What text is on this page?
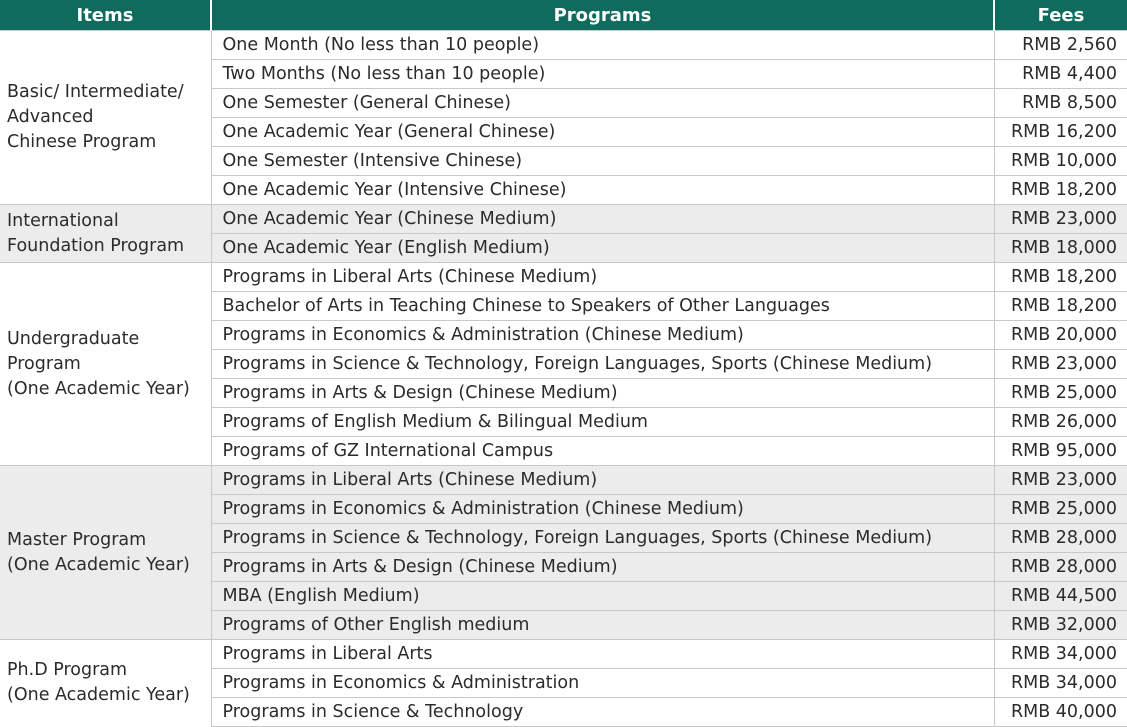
Items	Programs	Fees

Basic/ Intermediate/
Advanced
Chinese Program	One Month (No less than 10 people)	RMB 2,560
	Two Months (No less than 10 people)	RMB 4,400
	One Semester (General Chinese)	RMB 8,500
	One Academic Year (General Chinese)	RMB 16,200
	One Semester (Intensive Chinese)	RMB 10,000
	One Academic Year (Intensive Chinese)	RMB 18,200

International
Foundation Program	One Academic Year (Chinese Medium)	RMB 23,000
	One Academic Year (English Medium)	RMB 18,000

Undergraduate
Program
(One Academic Year)	Programs in Liberal Arts (Chinese Medium)	RMB 18,200
	Bachelor of Arts in Teaching Chinese to Speakers of Other Languages	RMB 18,200
	Programs in Economics & Administration (Chinese Medium)	RMB 20,000
	Programs in Science & Technology, Foreign Languages, Sports (Chinese Medium)	RMB 23,000
	Programs in Arts & Design (Chinese Medium)	RMB 25,000
	Programs of English Medium & Bilingual Medium	RMB 26,000
	Programs of GZ International Campus	RMB 95,000

Master Program
(One Academic Year)	Programs in Liberal Arts (Chinese Medium)	RMB 23,000
	Programs in Economics & Administration (Chinese Medium)	RMB 25,000
	Programs in Science & Technology, Foreign Languages, Sports (Chinese Medium)	RMB 28,000
	Programs in Arts & Design (Chinese Medium)	RMB 28,000
	MBA (English Medium)	RMB 44,500
	Programs of Other English medium	RMB 32,000

Ph.D Program
(One Academic Year)	Programs in Liberal Arts	RMB 34,000
	Programs in Economics & Administration	RMB 34,000
	Programs in Science & Technology	RMB 40,000
